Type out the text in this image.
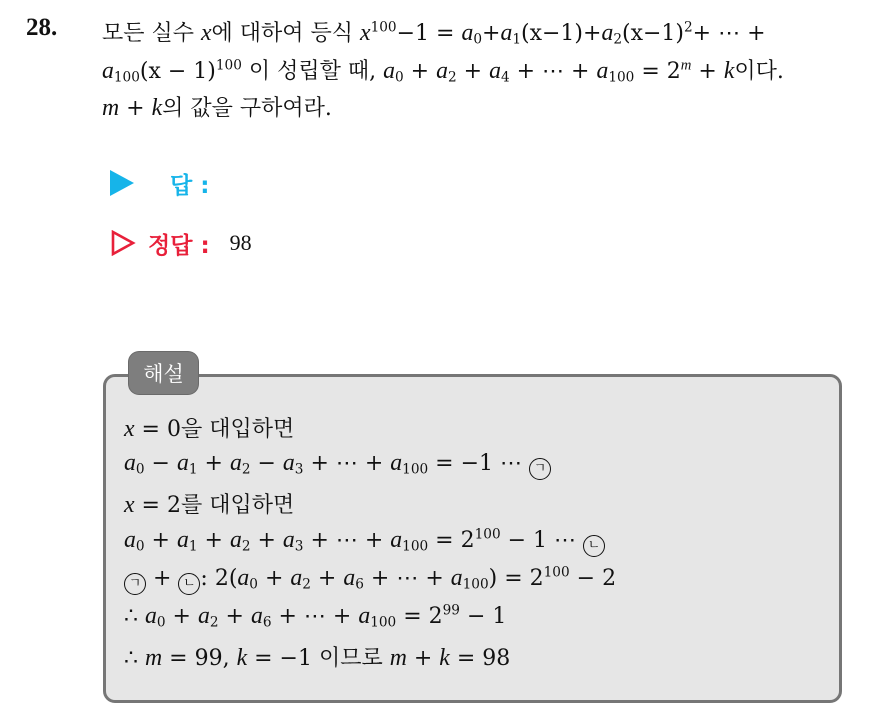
28. 모든 실수 x에 대하여 등식 $x^{100}-1 = a_0+a_1(x-1)+a_2(x-1)^2+$ ⋯ +
$a_{100}(x - 1)^{100}$ 이 성립할 때, $a_0 + a_2 + a_4$ + ⋯ + $a_{100} = 2^m + k$이다.
m + k의 값을 구하여라.
답 :
정답 : 98
해설
x = 0을 대입하면
$a_0 - a_1 + a_2 - a_3$ + ⋯ + $a_{100} = -1$ ⋯ ㄱ
x = 2를 대입하면
$a_0 + a_1 + a_2 + a_3$ + ⋯ + $a_{100} = 2^{100} - 1$ ⋯ ㄴ
ㄱ + ㄴ : $2(a_0 + a_2 + a_6$ + ⋯ + $a_{100}) = 2^{100} - 2$
∴ $a_0 + a_2 + a_6$ + ⋯ + $a_{100} = 2^{99} - 1$
∴ m = 99, k = −1 이므로 m + k = 98
